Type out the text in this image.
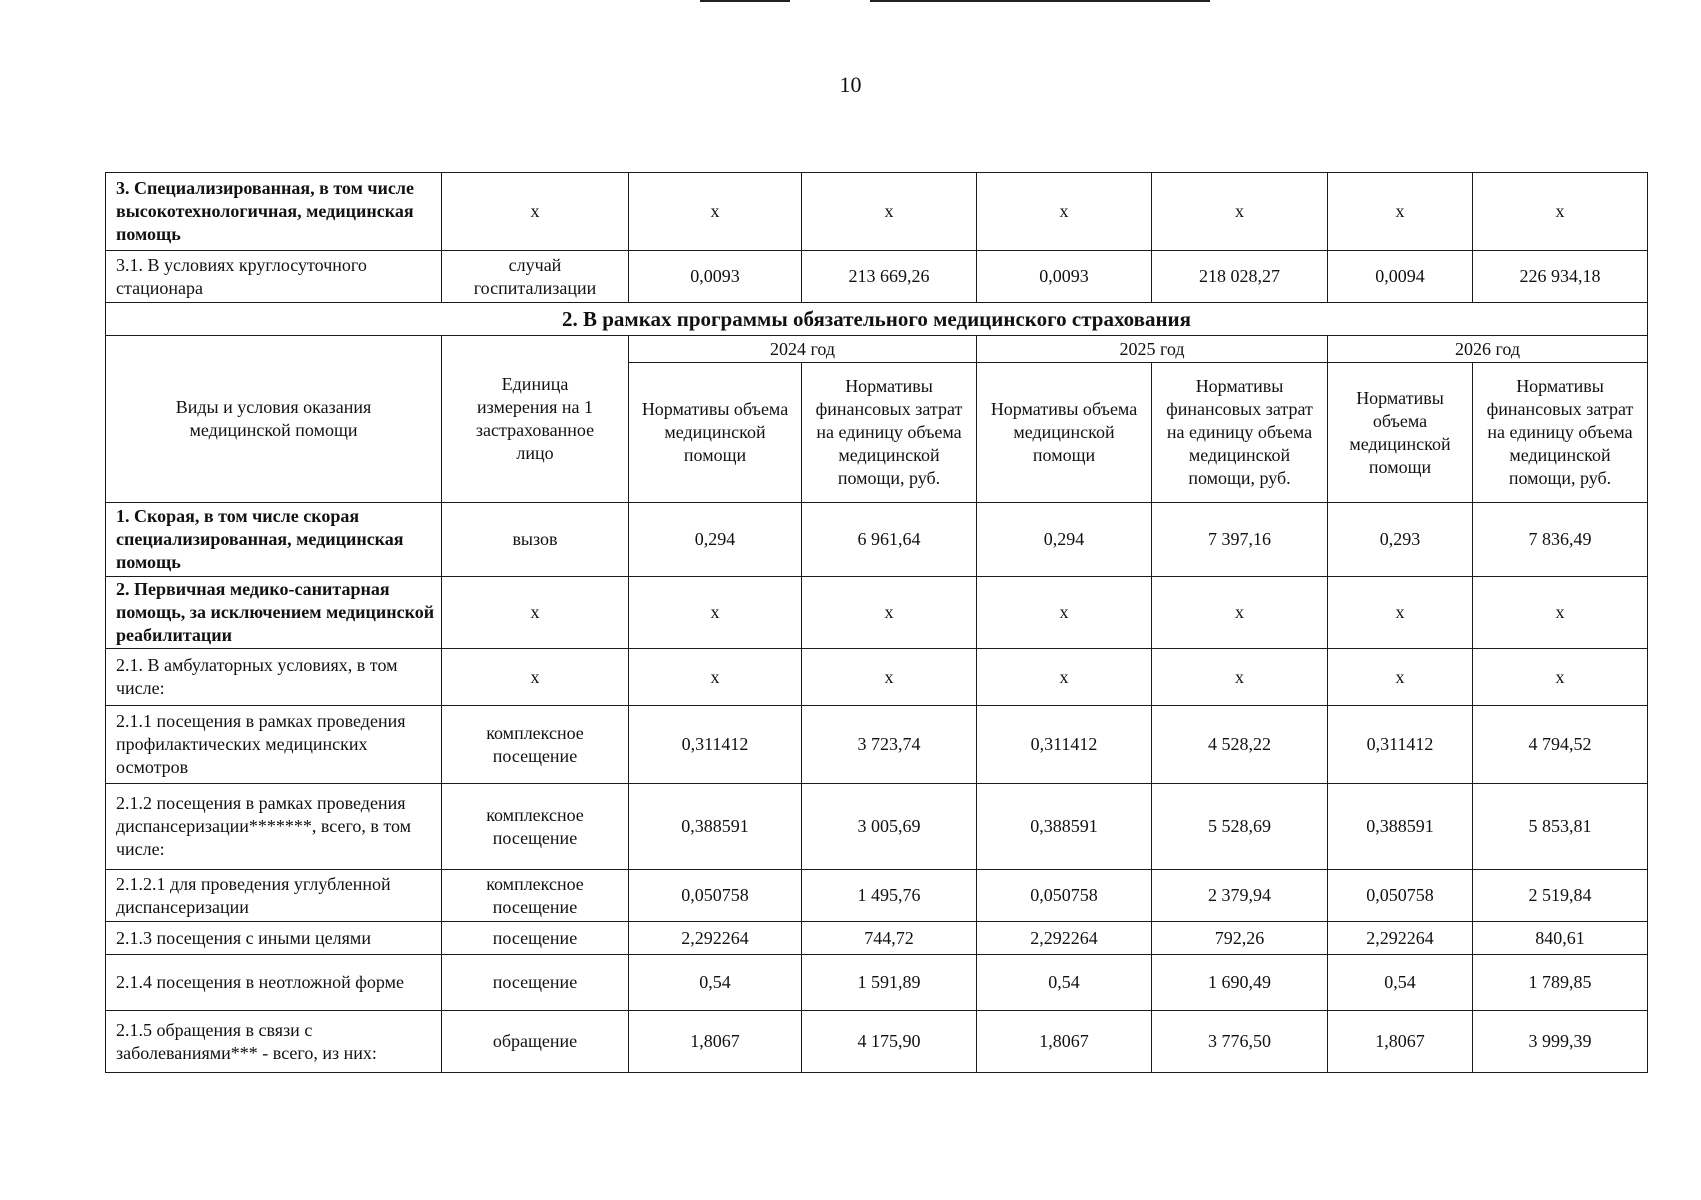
10
3. Специализированная, в том числе высокотехнологичная, медицинская помощь	х	х	х	х	х	х	х
3.1. В условиях круглосуточного стационара	случай госпитализации	0,0093	213 669,26	0,0093	218 028,27	0,0094	226 934,18
2. В рамках программы обязательного медицинского страхования							
Виды и условия оказания медицинской помощи	Единица измерения на 1 застрахованное лицо	2024 год		2025 год		2026 год	
		Нормативы объема медицинской помощи	Нормативы финансовых затрат на единицу объема медицинской помощи, руб.	Нормативы объема медицинской помощи	Нормативы финансовых затрат на единицу объема медицинской помощи, руб.	Нормативы объема медицинской помощи	Нормативы финансовых затрат на единицу объема медицинской помощи, руб.
1. Скорая, в том числе скорая специализированная, медицинская помощь	вызов	0,294	6 961,64	0,294	7 397,16	0,293	7 836,49
2. Первичная медико-санитарная помощь, за исключением медицинской реабилитации	х	х	х	х	х	х	х
2.1. В амбулаторных условиях, в том числе:	х	х	х	х	х	х	х
2.1.1 посещения в рамках проведения профилактических медицинских осмотров	комплексное посещение	0,311412	3 723,74	0,311412	4 528,22	0,311412	4 794,52
2.1.2 посещения в рамках проведения диспансеризации*******, всего, в том числе:	комплексное посещение	0,388591	3 005,69	0,388591	5 528,69	0,388591	5 853,81
2.1.2.1 для проведения углубленной диспансеризации	комплексное посещение	0,050758	1 495,76	0,050758	2 379,94	0,050758	2 519,84
2.1.3 посещения с иными целями	посещение	2,292264	744,72	2,292264	792,26	2,292264	840,61
2.1.4 посещения в неотложной форме	посещение	0,54	1 591,89	0,54	1 690,49	0,54	1 789,85
2.1.5 обращения в связи с заболеваниями*** - всего, из них:	обращение	1,8067	4 175,90	1,8067	3 776,50	1,8067	3 999,39
